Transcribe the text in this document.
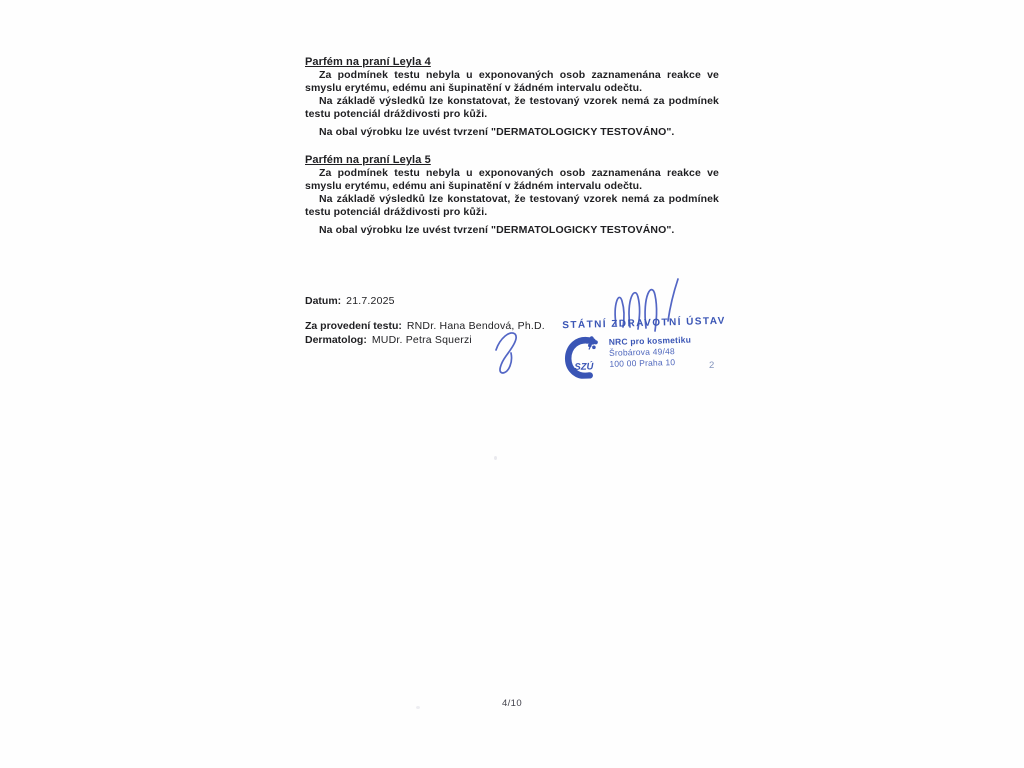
Parfém na praní Leyla 4
Za podmínek testu nebyla u exponovaných osob zaznamenána reakce ve
smyslu erytému, edému ani šupinatění v žádném intervalu odečtu.
Na základě výsledků lze konstatovat, že testovaný vzorek nemá za podmínek
testu potenciál dráždivosti pro kůži.
Na obal výrobku lze uvést tvrzení "DERMATOLOGICKY TESTOVÁNO".
Parfém na praní Leyla 5
Za podmínek testu nebyla u exponovaných osob zaznamenána reakce ve
smyslu erytému, edému ani šupinatění v žádném intervalu odečtu.
Na základě výsledků lze konstatovat, že testovaný vzorek nemá za podmínek
testu potenciál dráždivosti pro kůži.
Na obal výrobku lze uvést tvrzení "DERMATOLOGICKY TESTOVÁNO".
Datum: 21.7.2025
Za provedení testu: RNDr. Hana Bendová, Ph.D.
Dermatolog: MUDr. Petra Squerzi
STÁTNÍ ZDRAVOTNÍ ÚSTAV
SZÚ
NRC pro kosmetiku
Šrobárova 49/48
100 00 Praha 10	2
4/10
